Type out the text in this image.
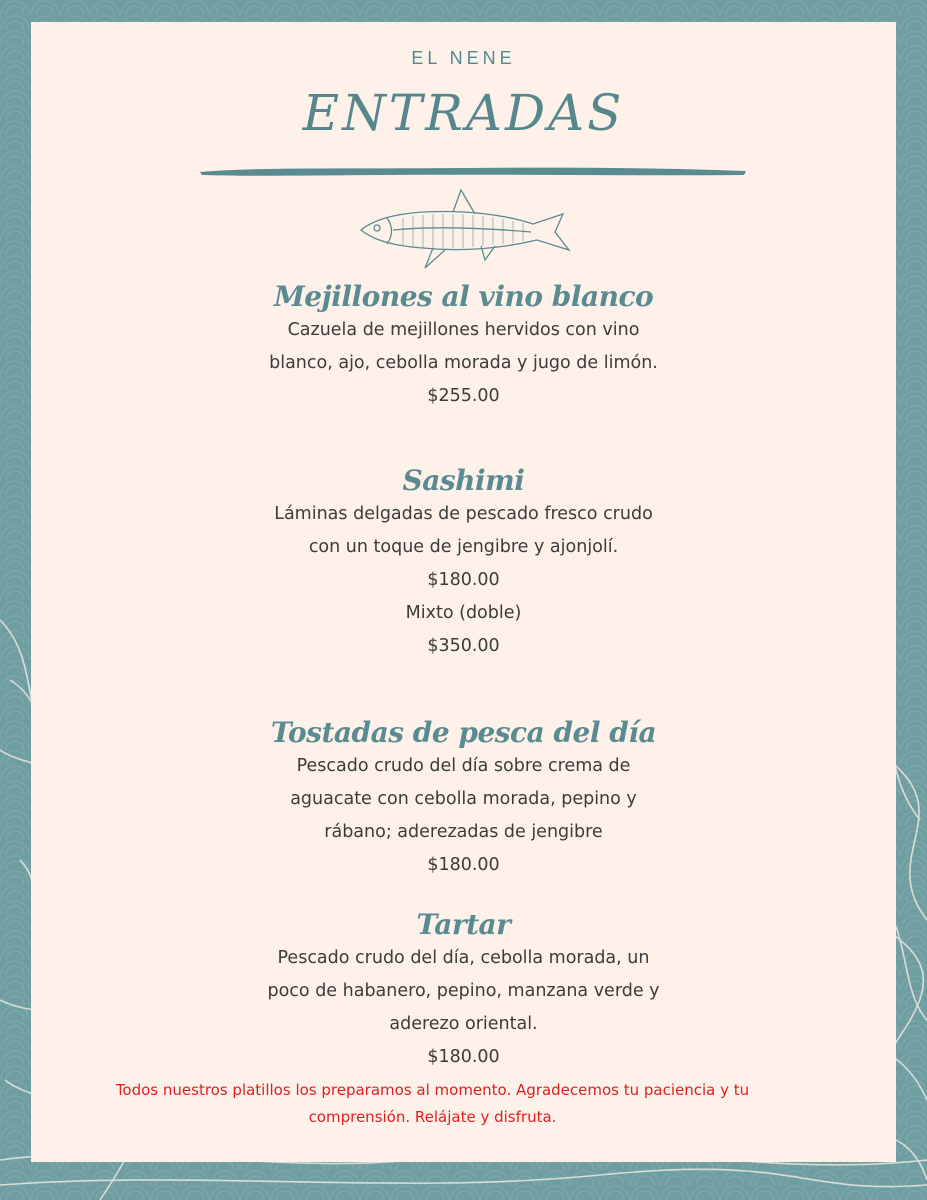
EL NENE
ENTRADAS
Mejillones al vino blanco
Cazuela de mejillones hervidos con vino blanco, ajo, cebolla morada y jugo de limón.
$255.00
Sashimi
Láminas delgadas de pescado fresco crudo con un toque de jengibre y ajonjolí.
$180.00
Mixto (doble)
$350.00
Tostadas de pesca del día
Pescado crudo del día sobre crema de aguacate con cebolla morada, pepino y rábano; aderezadas de jengibre
$180.00
Tartar
Pescado crudo del día, cebolla morada, un poco de habanero, pepino, manzana verde y aderezo oriental.
$180.00
Todos nuestros platillos los preparamos al momento. Agradecemos tu paciencia y tu comprensión. Relájate y disfruta.
